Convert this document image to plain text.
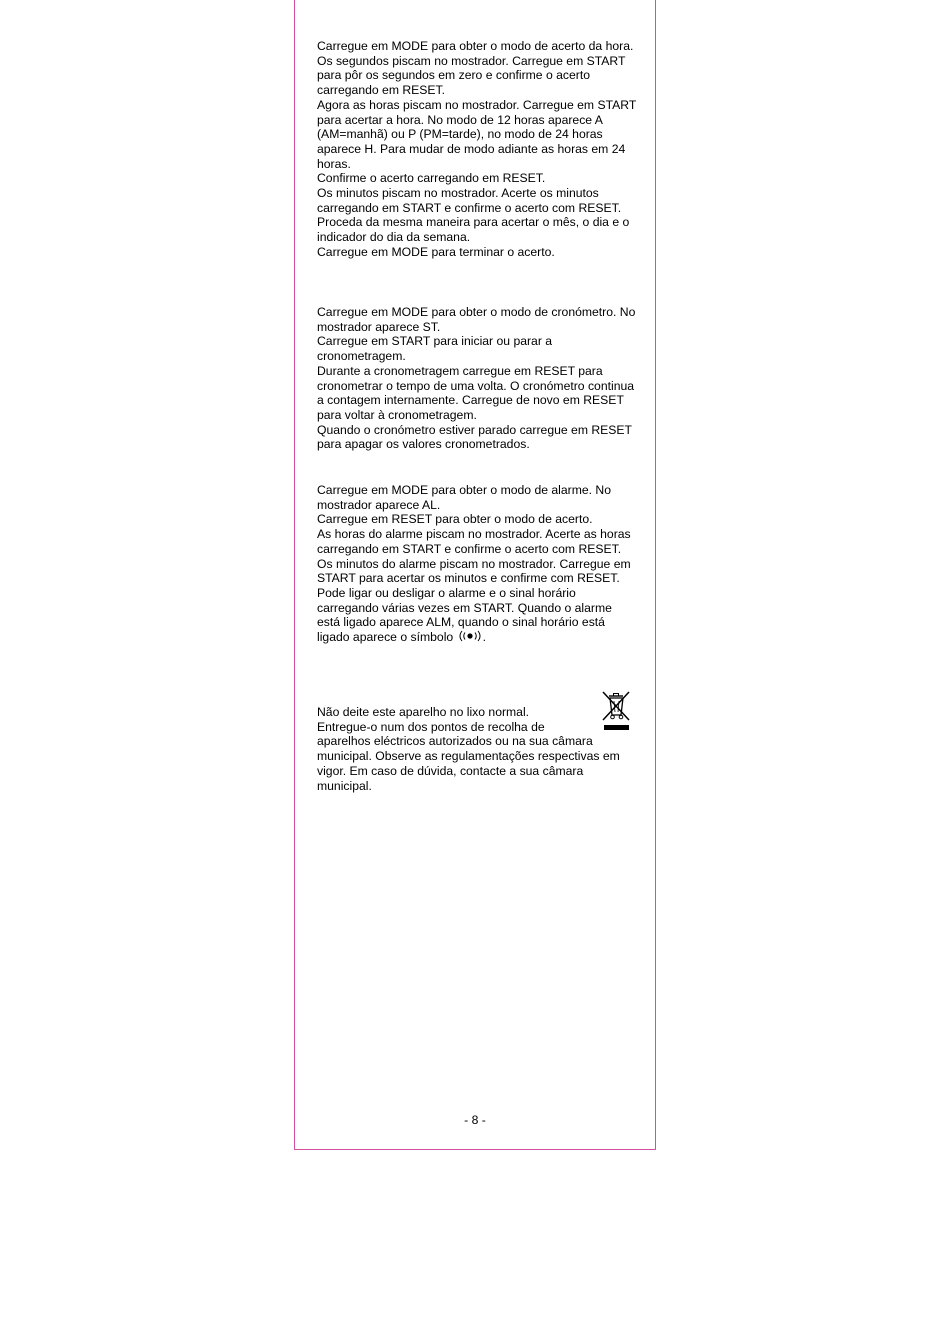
Carregue em MODE para obter o modo de acerto da hora. Os segundos piscam no mostrador. Carregue em START para pôr os segundos em zero e confirme o acerto carregando em RESET.
Agora as horas piscam no mostrador. Carregue em START para acertar a hora. No modo de 12 horas aparece A (AM=manhã) ou P (PM=tarde), no modo de 24 horas aparece H. Para mudar de modo adiante as horas em 24 horas.
Confirme o acerto carregando em RESET.
Os minutos piscam no mostrador. Acerte os minutos carregando em START e confirme o acerto com RESET.
Proceda da mesma maneira para acertar o mês, o dia e o indicador do dia da semana.
Carregue em MODE para terminar o acerto.
Carregue em MODE para obter o modo de cronómetro. No mostrador aparece ST.
Carregue em START para iniciar ou parar a cronometragem.
Durante a cronometragem carregue em RESET para cronometrar o tempo de uma volta. O cronómetro continua a contagem internamente. Carregue de novo em RESET para voltar à cronometragem.
Quando o cronómetro estiver parado carregue em RESET para apagar os valores cronometrados.
Carregue em MODE para obter o modo de alarme. No mostrador aparece AL.
Carregue em RESET para obter o modo de acerto.
As horas do alarme piscam no mostrador. Acerte as horas carregando em START e confirme o acerto com RESET.
Os minutos do alarme piscam no mostrador. Carregue em START para acertar os minutos e confirme com RESET.
Pode ligar ou desligar o alarme e o sinal horário carregando várias vezes em START. Quando o alarme está ligado aparece ALM, quando o sinal horário está ligado aparece o símbolo .
Não deite este aparelho no lixo normal.
Entregue-o num dos pontos de recolha de
aparelhos eléctricos autorizados ou na sua câmara municipal. Observe as regulamentações respectivas em vigor. Em caso de dúvida, contacte a sua câmara municipal.
- 8 -
